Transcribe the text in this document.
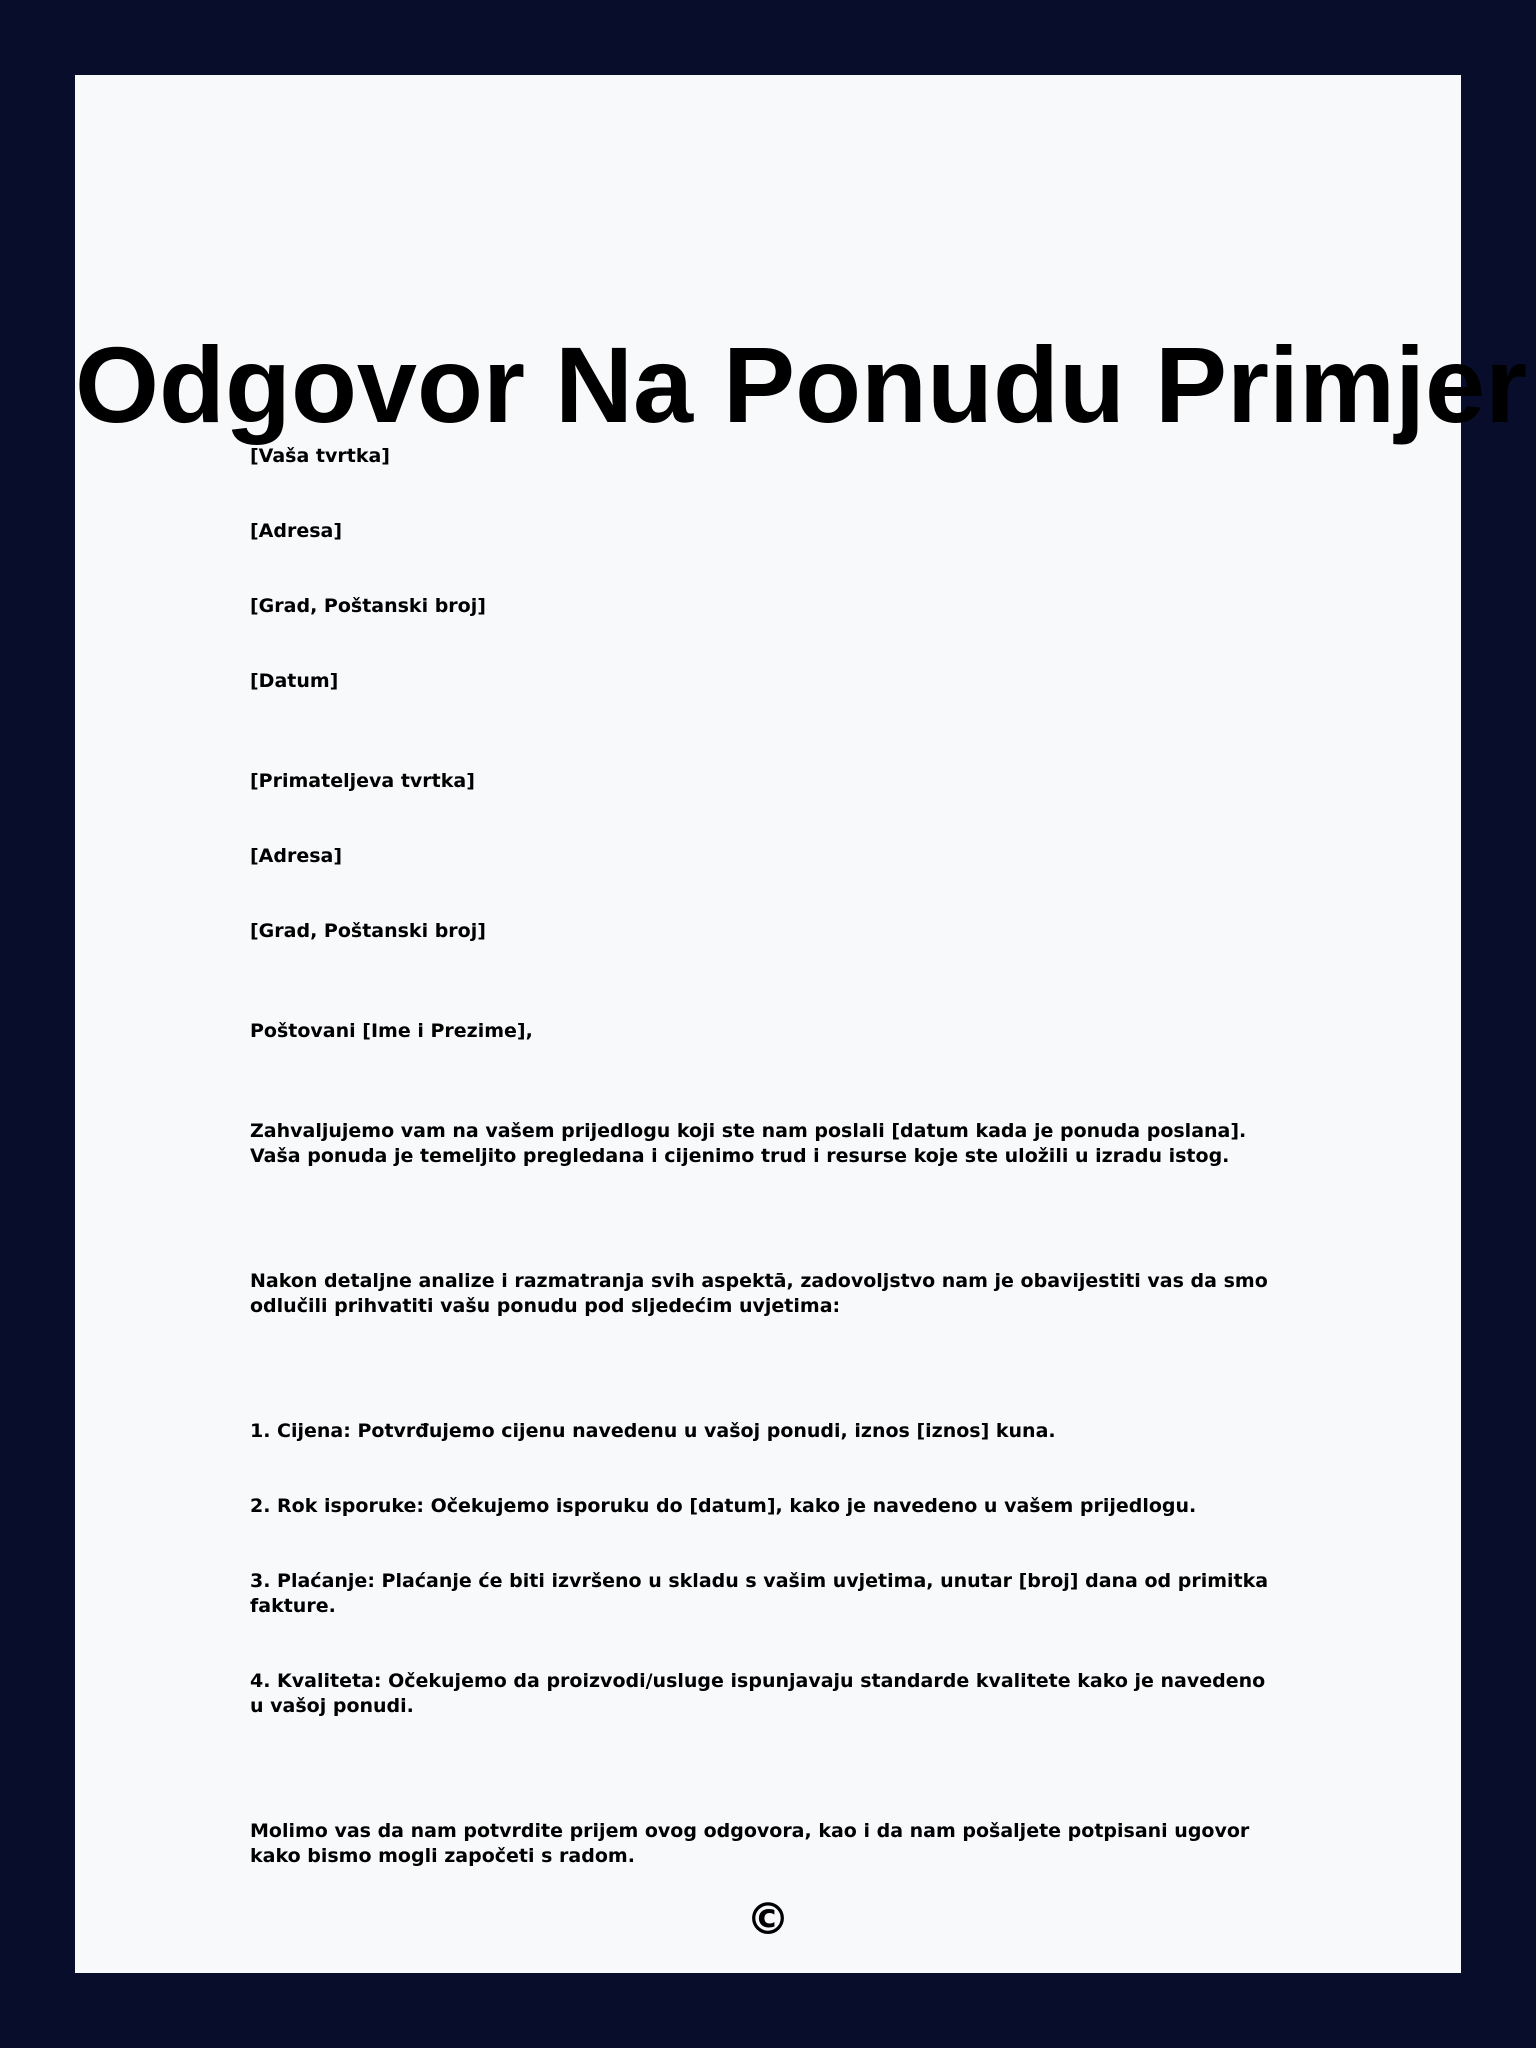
Odgovor Na Ponudu Primjer

[Vaša tvrtka]

[Adresa]

[Grad, Poštanski broj]

[Datum]

[Primateljeva tvrtka]

[Adresa]

[Grad, Poštanski broj]

Poštovani [Ime i Prezime],

Zahvaljujemo vam na vašem prijedlogu koji ste nam poslali [datum kada je ponuda poslana]. Vaša ponuda je temeljito pregledana i cijenimo trud i resurse koje ste uložili u izradu istog.

Nakon detaljne analize i razmatranja svih aspektā, zadovoljstvo nam je obavijestiti vas da smo odlučili prihvatiti vašu ponudu pod sljedećim uvjetima:

1. Cijena: Potvrđujemo cijenu navedenu u vašoj ponudi, iznos [iznos] kuna.

2. Rok isporuke: Očekujemo isporuku do [datum], kako je navedeno u vašem prijedlogu.

3. Plaćanje: Plaćanje će biti izvršeno u skladu s vašim uvjetima, unutar [broj] dana od primitka fakture.

4. Kvaliteta: Očekujemo da proizvodi/usluge ispunjavaju standarde kvalitete kako je navedeno u vašoj ponudi.

Molimo vas da nam potvrdite prijem ovog odgovora, kao i da nam pošaljete potpisani ugovor kako bismo mogli započeti s radom.

©
